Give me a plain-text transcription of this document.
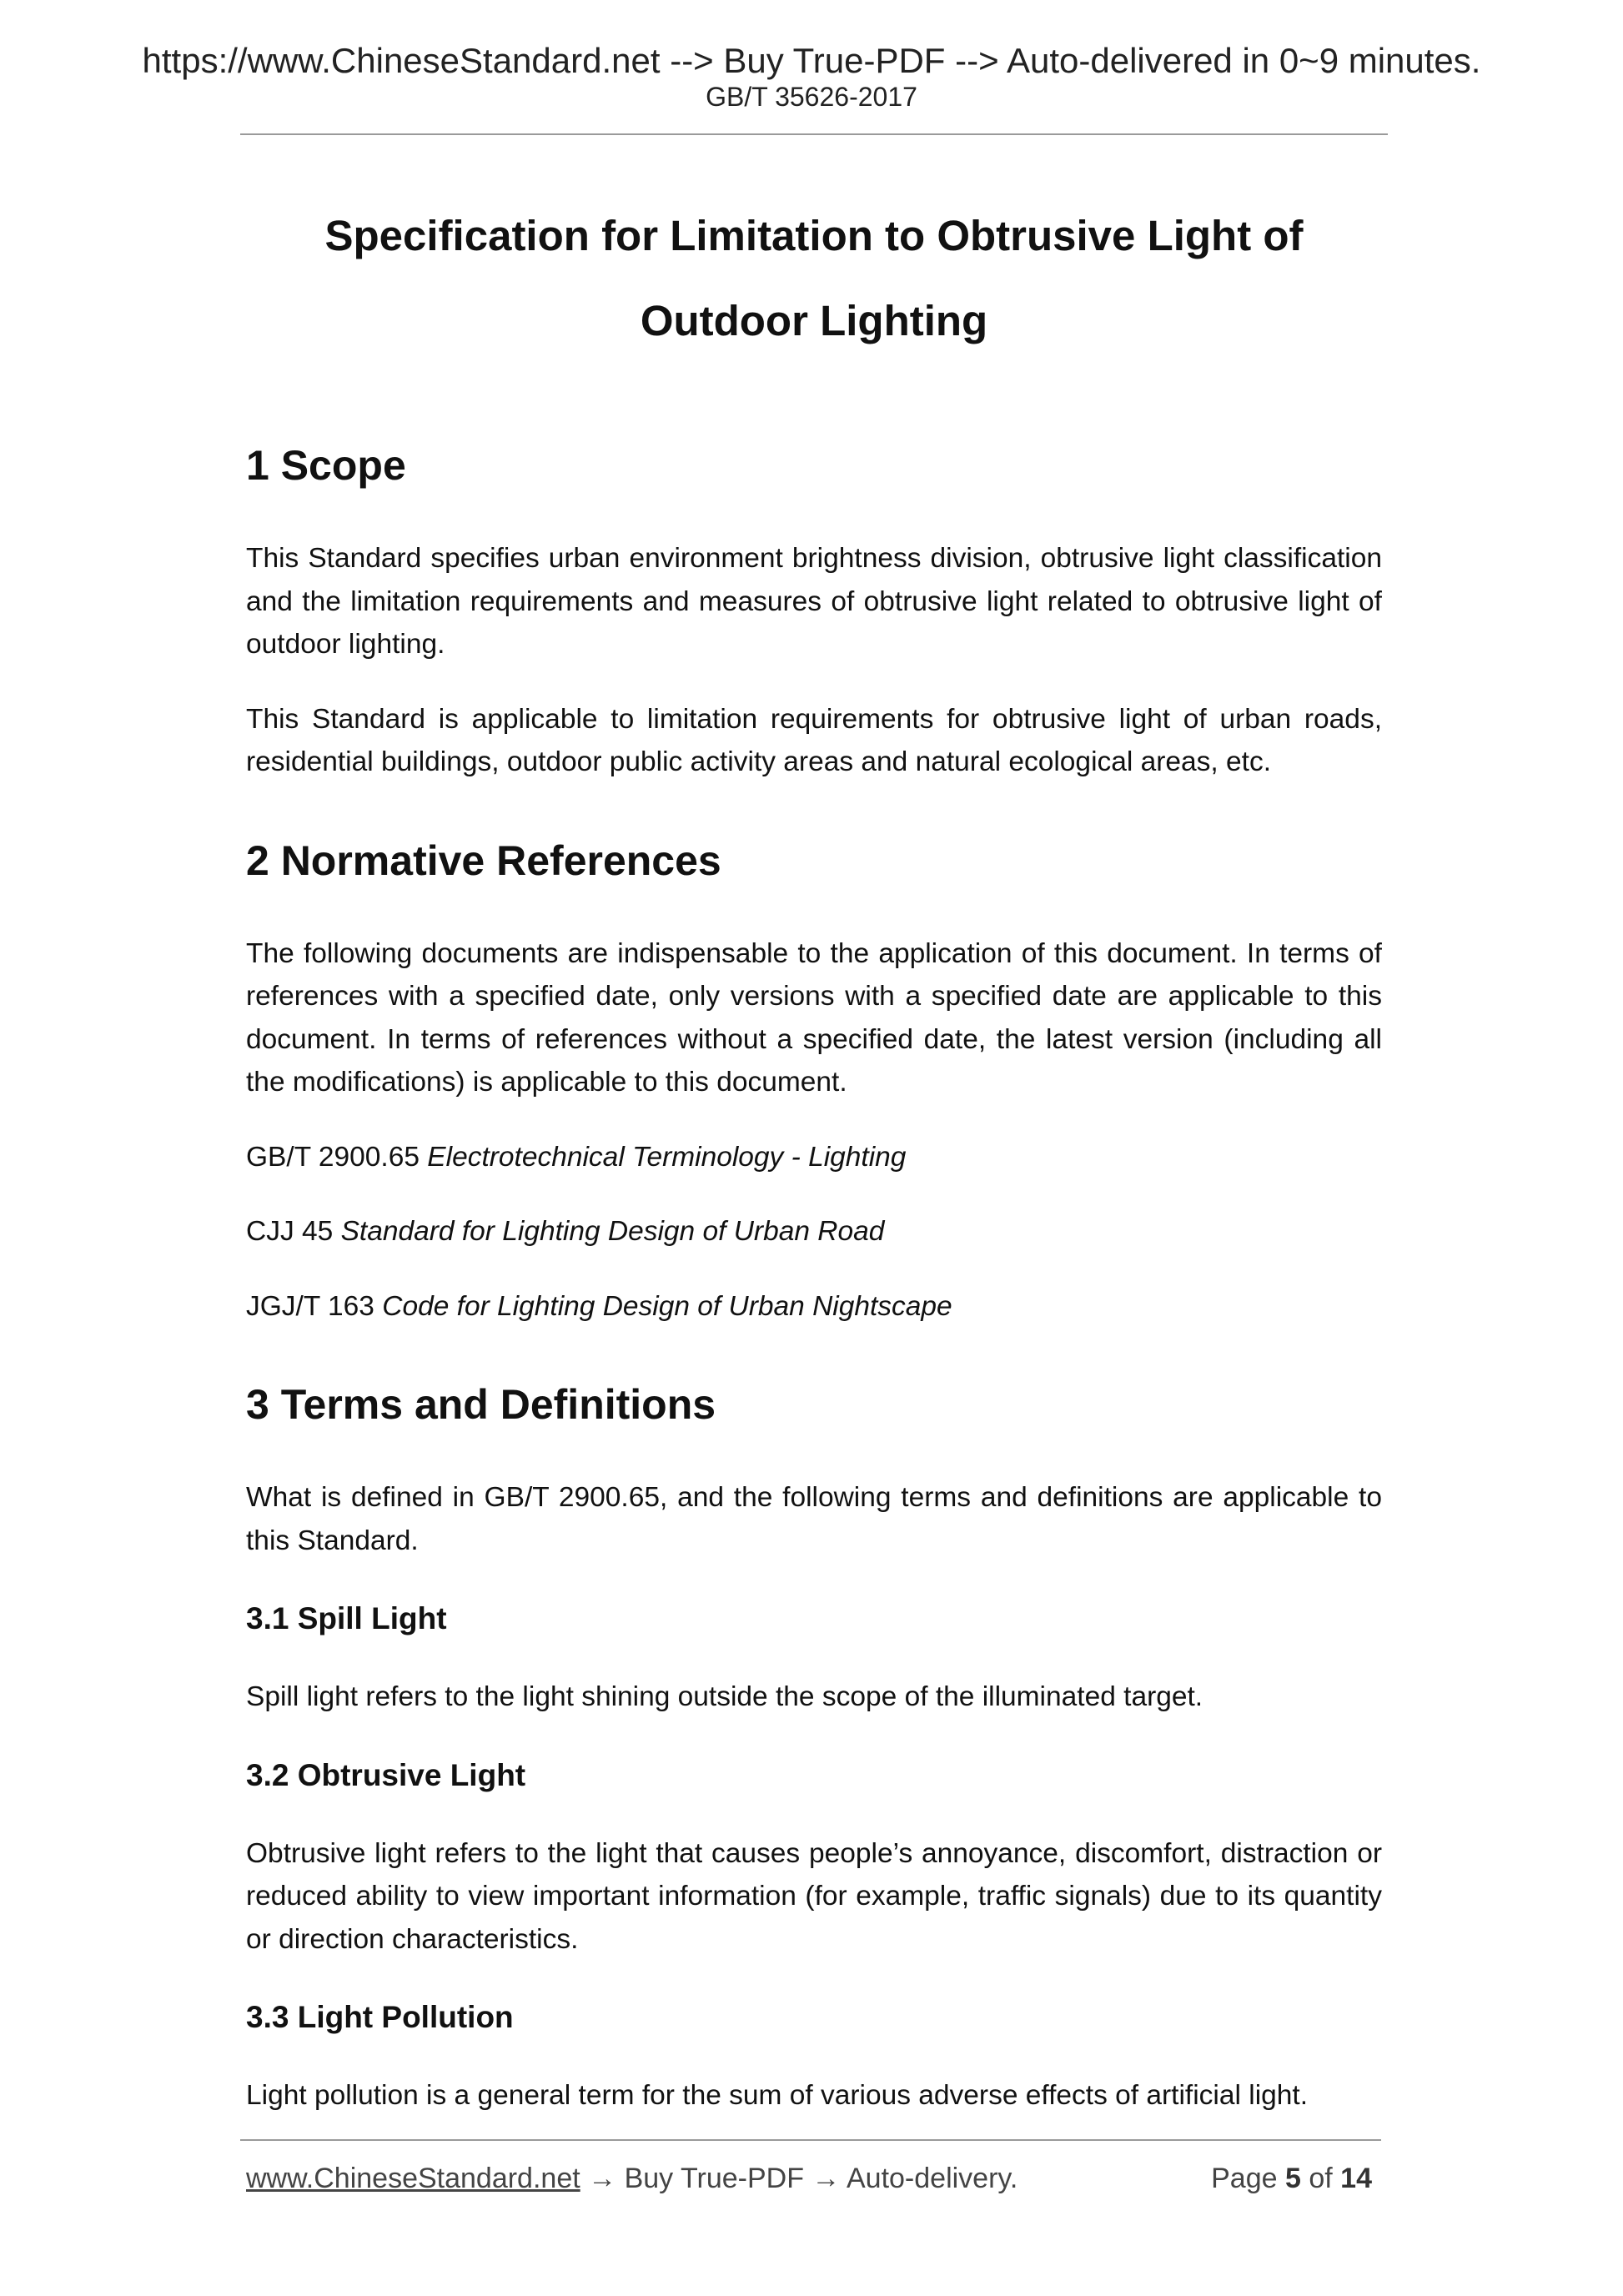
https://www.ChineseStandard.net --> Buy True-PDF --> Auto-delivered in 0~9 minutes.
GB/T 35626-2017
Specification for Limitation to Obtrusive Light of
Outdoor Lighting
1 Scope

This Standard specifies urban environment brightness division, obtrusive light classification and the limitation requirements and measures of obtrusive light related to obtrusive light of outdoor lighting.

This Standard is applicable to limitation requirements for obtrusive light of urban roads, residential buildings, outdoor public activity areas and natural ecological areas, etc.

2 Normative References

The following documents are indispensable to the application of this document. In terms of references with a specified date, only versions with a specified date are applicable to this document. In terms of references without a specified date, the latest version (including all the modifications) is applicable to this document.

GB/T 2900.65 Electrotechnical Terminology - Lighting

CJJ 45 Standard for Lighting Design of Urban Road

JGJ/T 163 Code for Lighting Design of Urban Nightscape

3 Terms and Definitions

What is defined in GB/T 2900.65, and the following terms and definitions are applicable to this Standard.

3.1 Spill Light

Spill light refers to the light shining outside the scope of the illuminated target.

3.2 Obtrusive Light

Obtrusive light refers to the light that causes people’s annoyance, discomfort, distraction or reduced ability to view important information (for example, traffic signals) due to its quantity or direction characteristics.

3.3 Light Pollution

Light pollution is a general term for the sum of various adverse effects of artificial light.

www.ChineseStandard.net → Buy True-PDF → Auto-delivery.	Page 5 of 14
